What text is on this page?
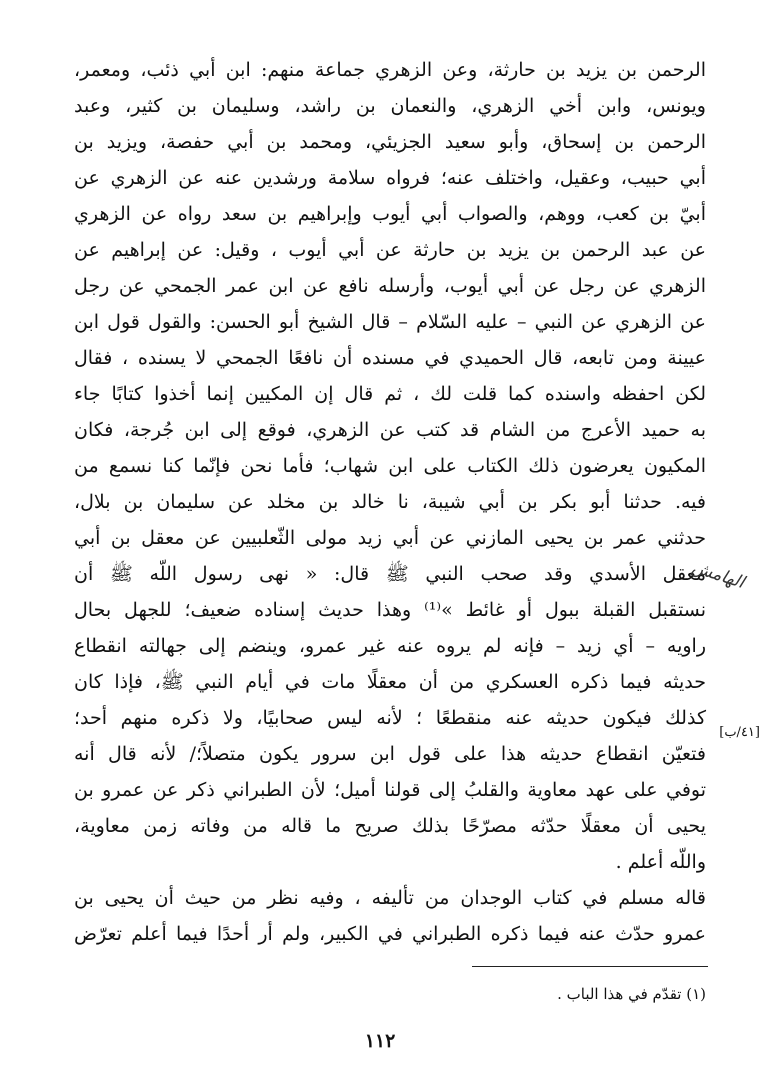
الرحمن بن يزيد بن حارثة، وعن الزهري جماعة منهم: ابن أبي ذئب، ومعمر،

ويونس، وابن أخي الزهري، والنعمان بن راشد، وسليمان بن كثير، وعبد

الرحمن بن إسحاق، وأبو سعيد الجزيئي، ومحمد بن أبي حفصة، ويزيد بن

أبي حبيب، وعقيل، واختلف عنه؛ فرواه سلامة ورشدين عنه عن الزهري عن

أبيّ بن كعب، ووهم، والصواب أبي أيوب وإبراهيم بن سعد رواه عن الزهري

عن عبد الرحمن بن يزيد بن حارثة عن أبي أيوب ، وقيل: عن إبراهيم عن

الزهري عن رجل عن أبي أيوب، وأرسله نافع عن ابن عمر الجمحي عن رجل

عن الزهري عن النبي – عليه السّلام – قال الشيخ أبو الحسن: والقول قول ابن

عيينة ومن تابعه، قال الحميدي في مسنده أن نافعًا الجمحي لا يسنده ، فقال

لكن احفظه واسنده كما قلت لك ، ثم قال إن المكيين إنما أخذوا كتابًا جاء

به حميد الأعرج من الشام قد كتب عن الزهري، فوقع إلى ابن جُرجة، فكان

المكيون يعرضون ذلك الكتاب على ابن شهاب؛ فأما نحن فإنّما كنا نسمع من

فيه. حدثنا أبو بكر بن أبي شيبة، نا خالد بن مخلد عن سليمان بن بلال،

حدثني عمر بن يحيى المازني عن أبي زيد مولى الثّعلبيين عن معقل بن أبي

معقل الأسدي وقد صحب النبي ﷺ قال: « نهى رسول اللّه ﷺ أن

نستقبل القبلة ببول أو غائط »⁽¹⁾ وهذا حديث إسناده ضعيف؛ للجهل بحال

راويه – أي زيد – فإنه لم يروه عنه غير عمرو، وينضم إلى جهالته انقطاع

حديثه فيما ذكره العسكري من أن معقلًا مات في أيام النبي ﷺ، فإذا كان

كذلك فيكون حديثه عنه منقطعًا ؛ لأنه ليس صحابيًا، ولا ذكره منهم أحد؛

فتعيّن انقطاع حديثه هذا على قول ابن سرور يكون متصلاً؛/ لأنه قال أنه

توفي على عهد معاوية والقلبُ إلى قولنا أميل؛ لأن الطبراني ذكر عن عمرو بن

يحيى أن معقلًا حدّثه مصرّحًا بذلك صريح ما قاله من وفاته زمن معاوية،

واللّه أعلم .

الهامش
[٤١/ب]

قاله مسلم في كتاب الوجدان من تأليفه ، وفيه نظر من حيث أن يحيى بن

عمرو حدّث عنه فيما ذكره الطبراني في الكبير، ولم أر أحدًا فيما أعلم تعرّض

(١) تقدّم في هذا الباب .
١١٢
